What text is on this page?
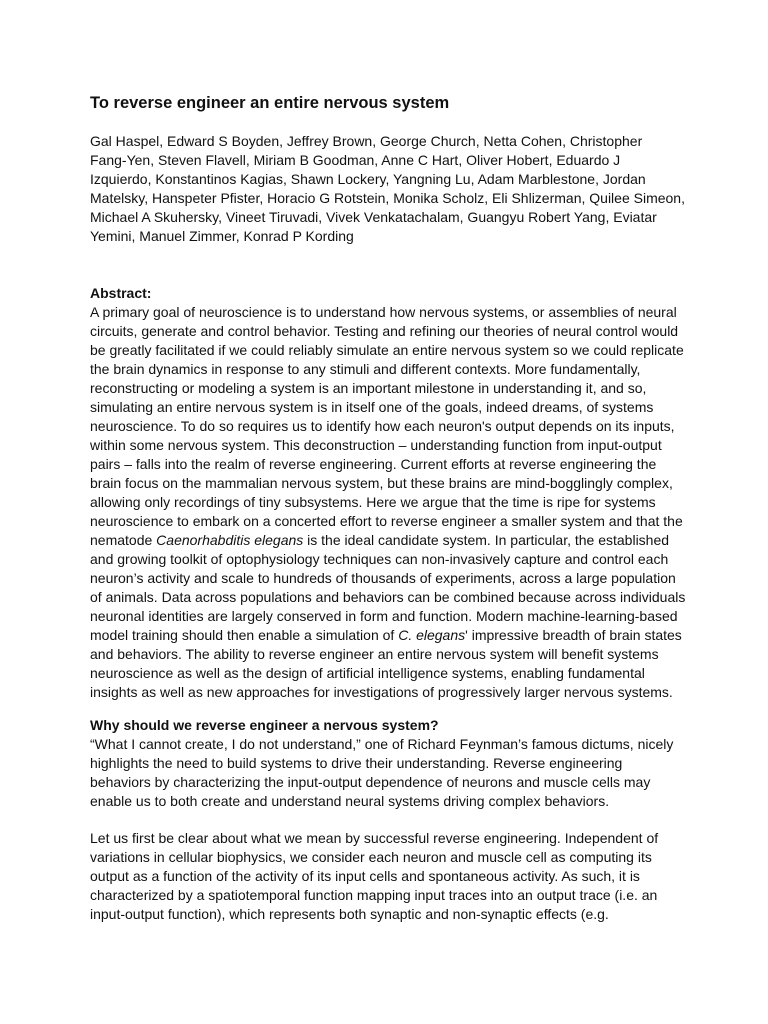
To reverse engineer an entire nervous system
Gal Haspel, Edward S Boyden, Jeffrey Brown, George Church, Netta Cohen, Christopher
Fang-Yen, Steven Flavell, Miriam B Goodman, Anne C Hart, Oliver Hobert, Eduardo J
Izquierdo, Konstantinos Kagias, Shawn Lockery, Yangning Lu, Adam Marblestone, Jordan
Matelsky, Hanspeter Pfister, Horacio G Rotstein, Monika Scholz, Eli Shlizerman, Quilee Simeon,
Michael A Skuhersky, Vineet Tiruvadi, Vivek Venkatachalam, Guangyu Robert Yang, Eviatar
Yemini, Manuel Zimmer, Konrad P Kording
Abstract:
A primary goal of neuroscience is to understand how nervous systems, or assemblies of neural
circuits, generate and control behavior. Testing and refining our theories of neural control would
be greatly facilitated if we could reliably simulate an entire nervous system so we could replicate
the brain dynamics in response to any stimuli and different contexts. More fundamentally,
reconstructing or modeling a system is an important milestone in understanding it, and so,
simulating an entire nervous system is in itself one of the goals, indeed dreams, of systems
neuroscience. To do so requires us to identify how each neuron's output depends on its inputs,
within some nervous system. This deconstruction – understanding function from input-output
pairs – falls into the realm of reverse engineering. Current efforts at reverse engineering the
brain focus on the mammalian nervous system, but these brains are mind-bogglingly complex,
allowing only recordings of tiny subsystems. Here we argue that the time is ripe for systems
neuroscience to embark on a concerted effort to reverse engineer a smaller system and that the
nematode Caenorhabditis elegans is the ideal candidate system. In particular, the established
and growing toolkit of optophysiology techniques can non-invasively capture and control each
neuron’s activity and scale to hundreds of thousands of experiments, across a large population
of animals. Data across populations and behaviors can be combined because across individuals
neuronal identities are largely conserved in form and function. Modern machine-learning-based
model training should then enable a simulation of C. elegans' impressive breadth of brain states
and behaviors. The ability to reverse engineer an entire nervous system will benefit systems
neuroscience as well as the design of artificial intelligence systems, enabling fundamental
insights as well as new approaches for investigations of progressively larger nervous systems.
Why should we reverse engineer a nervous system?
“What I cannot create, I do not understand,” one of Richard Feynman’s famous dictums, nicely
highlights the need to build systems to drive their understanding. Reverse engineering
behaviors by characterizing the input-output dependence of neurons and muscle cells may
enable us to both create and understand neural systems driving complex behaviors.
Let us first be clear about what we mean by successful reverse engineering. Independent of
variations in cellular biophysics, we consider each neuron and muscle cell as computing its
output as a function of the activity of its input cells and spontaneous activity. As such, it is
characterized by a spatiotemporal function mapping input traces into an output trace (i.e. an
input-output function), which represents both synaptic and non-synaptic effects (e.g.
